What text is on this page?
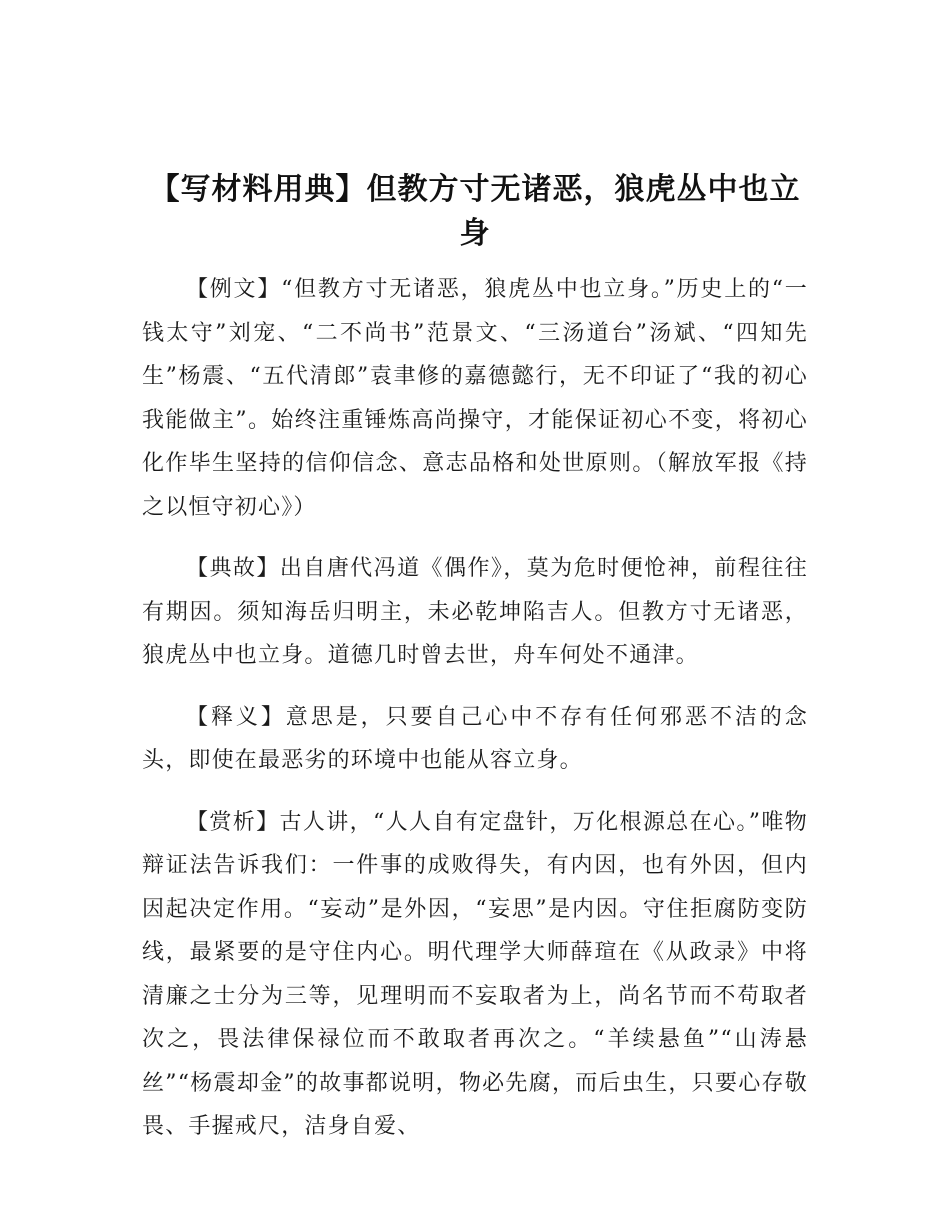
【写材料用典】但教方寸无诸恶，狼虎丛中也立身

【例文】“但教方寸无诸恶，狼虎丛中也立身。”历史上的“一钱太守”刘宠、“二不尚书”范景文、“三汤道台”汤斌、“四知先生”杨震、“五代清郎”袁聿修的嘉德懿行，无不印证了“我的初心我能做主”。始终注重锤炼高尚操守，才能保证初心不变，将初心化作毕生坚持的信仰信念、意志品格和处世原则。（解放军报《持之以恒守初心》）

【典故】出自唐代冯道《偶作》，莫为危时便怆神，前程往往有期因。须知海岳归明主，未必乾坤陷吉人。但教方寸无诸恶，狼虎丛中也立身。道德几时曾去世，舟车何处不通津。

【释义】意思是，只要自己心中不存有任何邪恶不洁的念头，即使在最恶劣的环境中也能从容立身。

【赏析】古人讲，“人人自有定盘针，万化根源总在心。”唯物辩证法告诉我们：一件事的成败得失，有内因，也有外因，但内因起决定作用。“妄动”是外因，“妄思”是内因。守住拒腐防变防线，最紧要的是守住内心。明代理学大师薛瑄在《从政录》中将清廉之士分为三等，见理明而不妄取者为上，尚名节而不苟取者次之，畏法律保禄位而不敢取者再次之。“羊续悬鱼”“山涛悬丝”“杨震却金”的故事都说明，物必先腐，而后虫生，只要心存敬畏、手握戒尺，洁身自爱、
